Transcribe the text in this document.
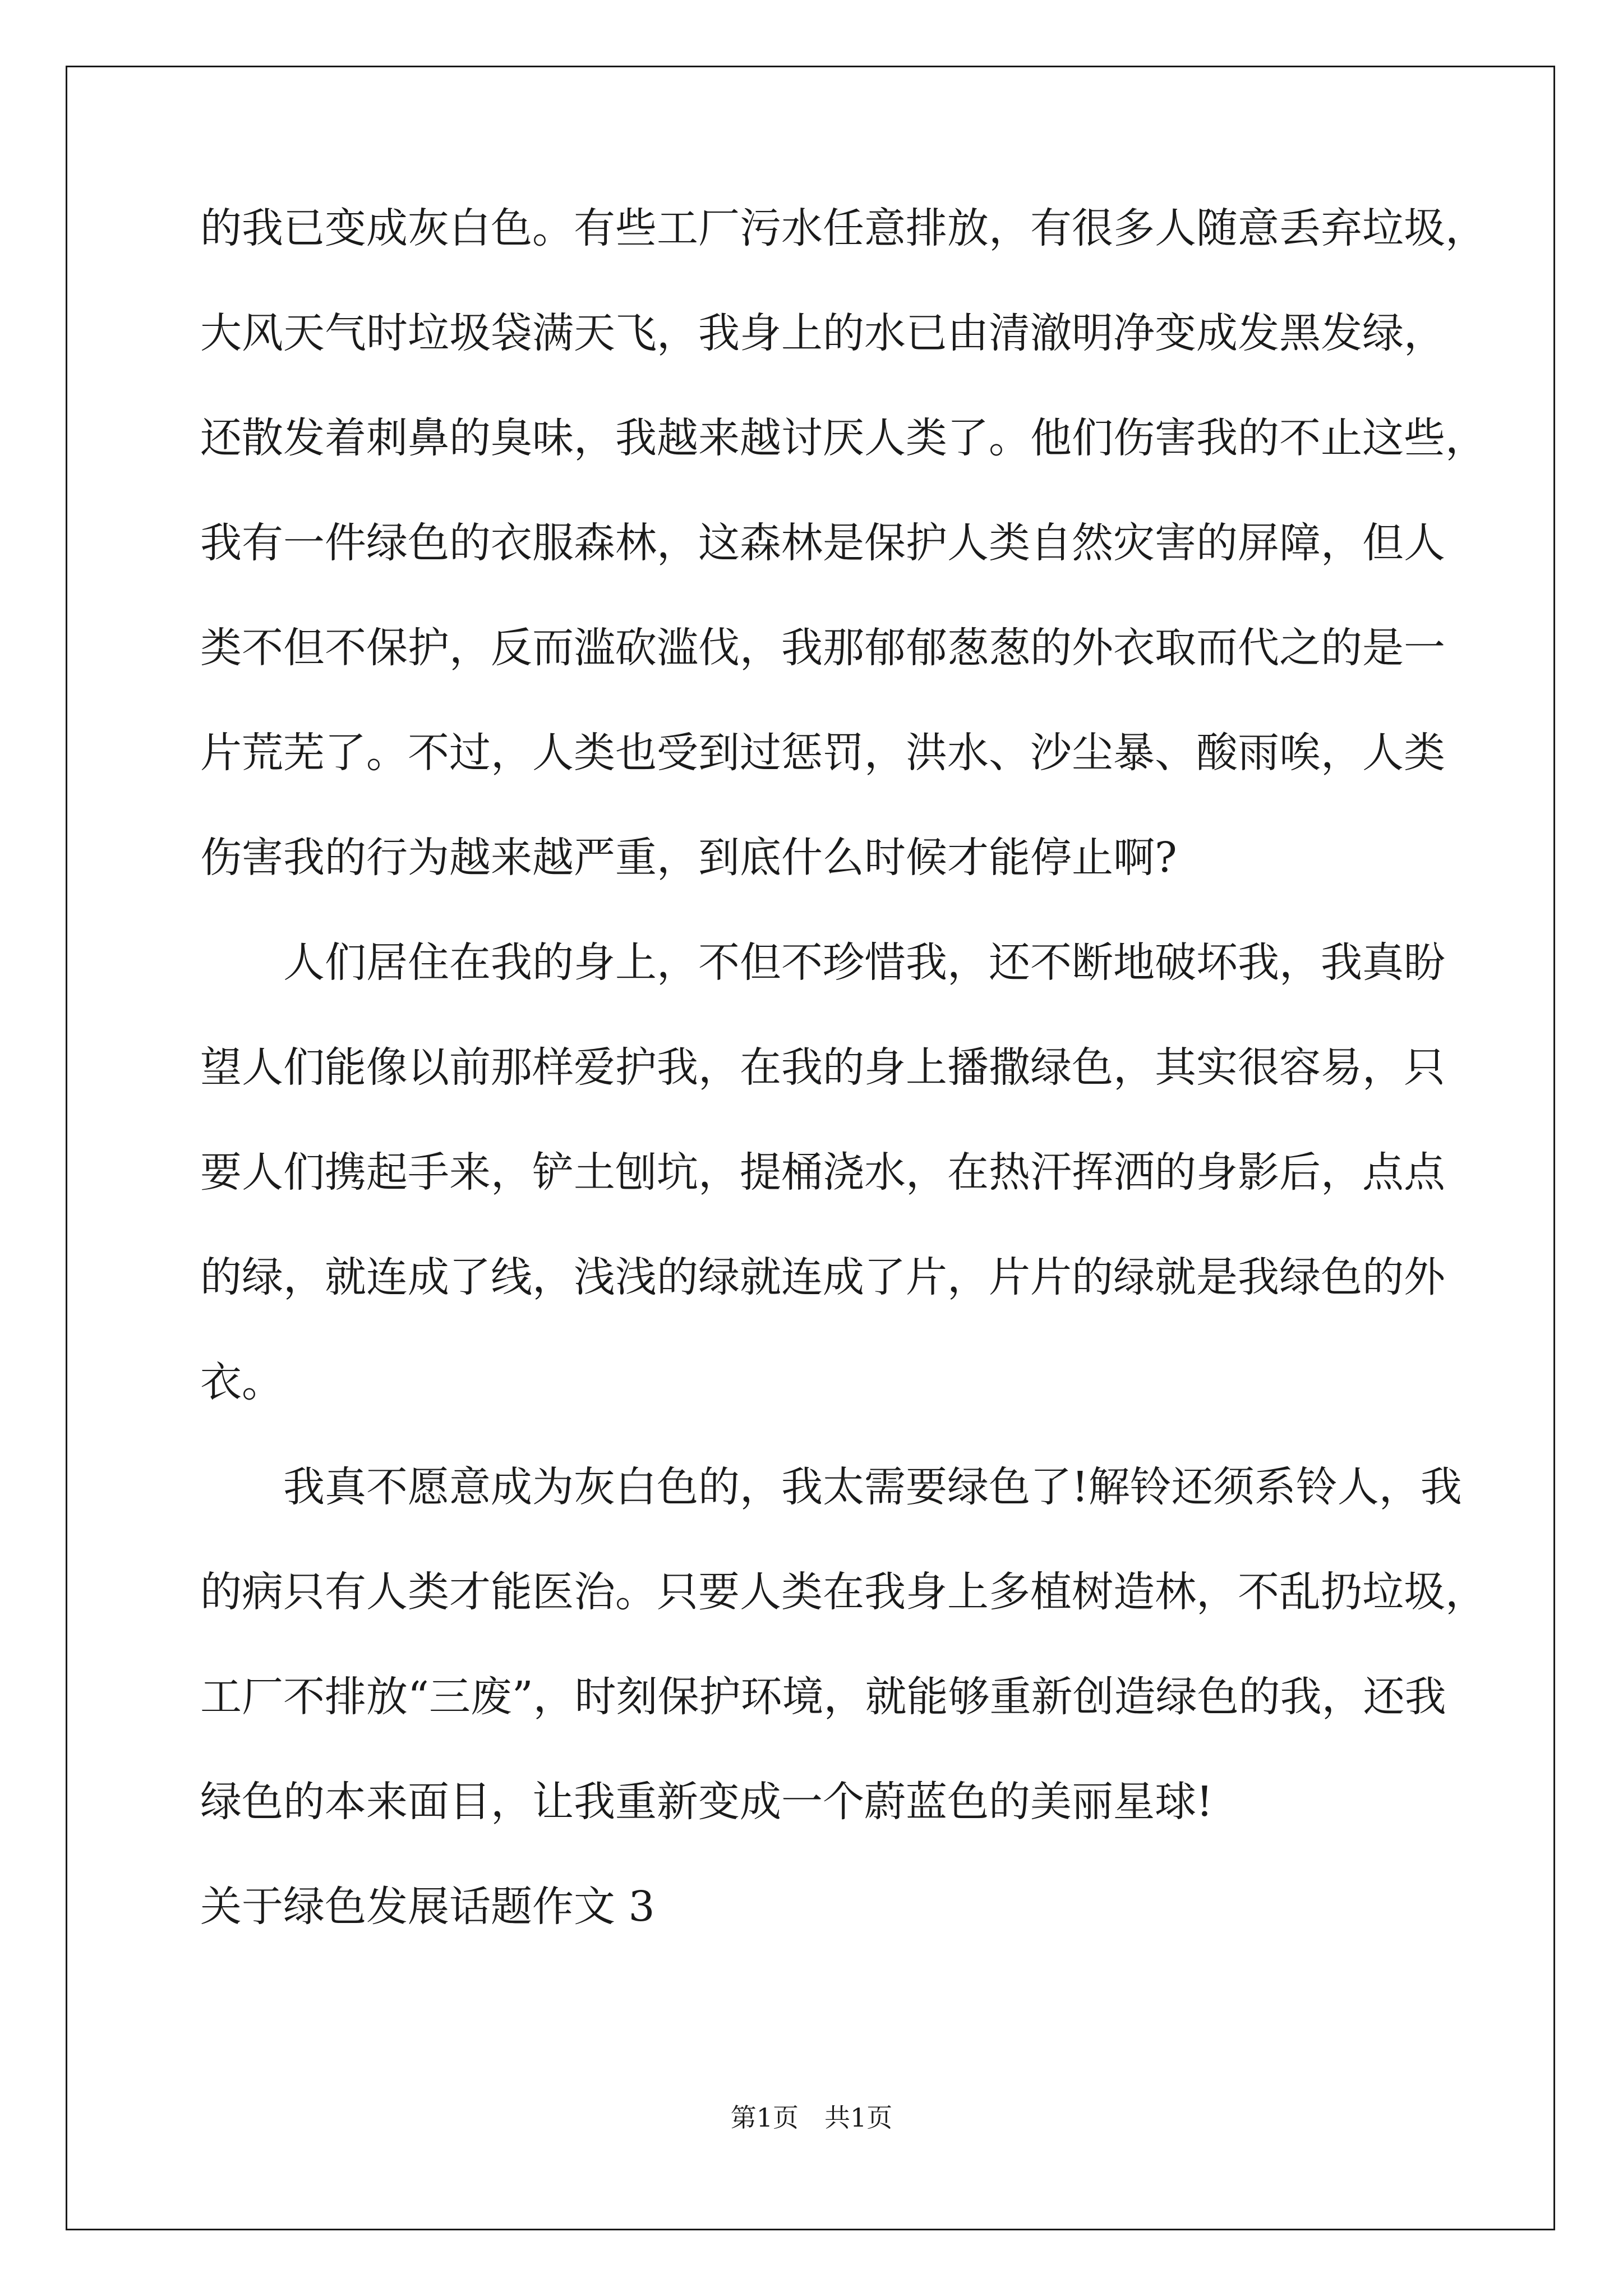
的我已变成灰白色。有些工厂污水任意排放，有很多人随意丢弃垃圾，
大风天气时垃圾袋满天飞，我身上的水已由清澈明净变成发黑发绿，
还散发着刺鼻的臭味，我越来越讨厌人类了。他们伤害我的不止这些，
我有一件绿色的衣服森林，这森林是保护人类自然灾害的屏障，但人
类不但不保护，反而滥砍滥伐，我那郁郁葱葱的外衣取而代之的是一
片荒芜了。不过，人类也受到过惩罚，洪水、沙尘暴、酸雨唉，人类
伤害我的行为越来越严重，到底什么时候才能停止啊?
人们居住在我的身上，不但不珍惜我，还不断地破坏我，我真盼
望人们能像以前那样爱护我，在我的身上播撒绿色，其实很容易，只
要人们携起手来，铲土刨坑，提桶浇水，在热汗挥洒的身影后，点点
的绿，就连成了线，浅浅的绿就连成了片，片片的绿就是我绿色的外
衣。
我真不愿意成为灰白色的，我太需要绿色了!解铃还须系铃人，我
的病只有人类才能医治。只要人类在我身上多植树造林，不乱扔垃圾，
工厂不排放“三废”，时刻保护环境，就能够重新创造绿色的我，还我
绿色的本来面目，让我重新变成一个蔚蓝色的美丽星球!
关于绿色发展话题作文 3
第1页　共1页
